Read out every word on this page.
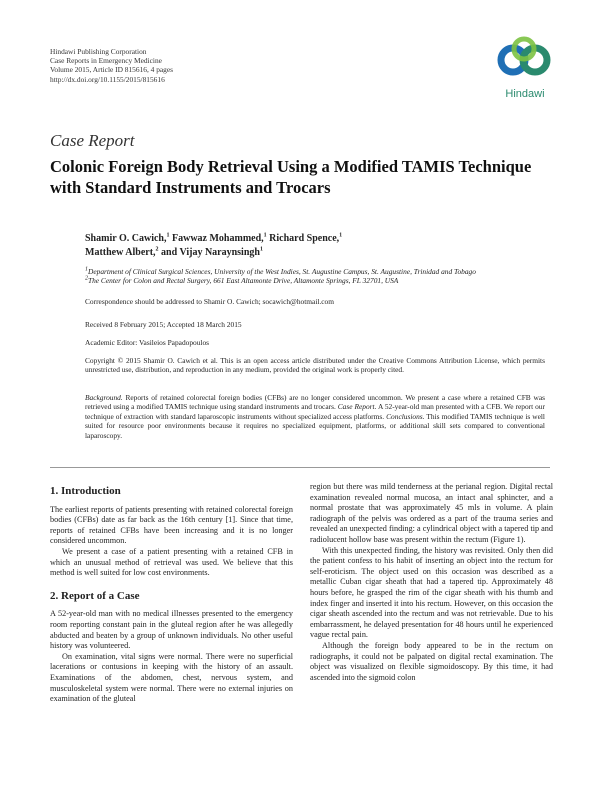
Hindawi Publishing Corporation
Case Reports in Emergency Medicine
Volume 2015, Article ID 815616, 4 pages
http://dx.doi.org/10.1155/2015/815616
Hindawi
Case Report
Colonic Foreign Body Retrieval Using a Modified TAMIS Technique with Standard Instruments and Trocars
Shamir O. Cawich,$^1$ Fawwaz Mohammed,$^1$ Richard Spence,$^1$
Matthew Albert,$^2$ and Vijay Naraynsingh$^1$
$^1$Department of Clinical Surgical Sciences, University of the West Indies, St. Augustine Campus, St. Augustine, Trinidad and Tobago
$^2$The Center for Colon and Rectal Surgery, 661 East Altamonte Drive, Altamonte Springs, FL 32701, USA
Correspondence should be addressed to Shamir O. Cawich; socawich@hotmail.com
Received 8 February 2015; Accepted 18 March 2015
Academic Editor: Vasileios Papadopoulos
Copyright © 2015 Shamir O. Cawich et al. This is an open access article distributed under the Creative Commons Attribution License, which permits unrestricted use, distribution, and reproduction in any medium, provided the original work is properly cited.
Background. Reports of retained colorectal foreign bodies (CFBs) are no longer considered uncommon. We present a case where a retained CFB was retrieved using a modified TAMIS technique using standard instruments and trocars. Case Report. A 52-year-old man presented with a CFB. We report our technique of extraction with standard laparoscopic instruments without specialized access platforms. Conclusions. This modified TAMIS technique is well suited for resource poor environments because it requires no specialized equipment, platforms, or additional skill sets compared to conventional laparoscopy.
1. Introduction

The earliest reports of patients presenting with retained colorectal foreign bodies (CFBs) date as far back as the 16th century [1]. Since that time, reports of retained CFBs have been increasing and it is no longer considered uncommon.

We present a case of a patient presenting with a retained CFB in which an unusual method of retrieval was used. We believe that this method is well suited for low cost environments.

2. Report of a Case

A 52-year-old man with no medical illnesses presented to the emergency room reporting constant pain in the gluteal region after he was allegedly abducted and beaten by a group of unknown individuals. No other useful history was volunteered.

On examination, vital signs were normal. There were no superficial lacerations or contusions in keeping with the history of an assault. Examinations of the abdomen, chest, nervous system, and musculoskeletal system were normal. There were no external injuries on examination of the gluteal

region but there was mild tenderness at the perianal region. Digital rectal examination revealed normal mucosa, an intact anal sphincter, and a normal prostate that was approximately 45 mls in volume. A plain radiograph of the pelvis was ordered as a part of the trauma series and revealed an unexpected finding: a cylindrical object with a tapered tip and radiolucent hollow base was present within the rectum (Figure 1).

With this unexpected finding, the history was revisited. Only then did the patient confess to his habit of inserting an object into the rectum for self-eroticism. The object used on this occasion was described as a metallic Cuban cigar sheath that had a tapered tip. Approximately 48 hours before, he grasped the rim of the cigar sheath with his thumb and index finger and inserted it into his rectum. However, on this occasion the cigar sheath ascended into the rectum and was not retrievable. Due to his embarrassment, he delayed presentation for 48 hours until he experienced vague rectal pain.

Although the foreign body appeared to be in the rectum on radiographs, it could not be palpated on digital rectal examination. The object was visualized on flexible sigmoidoscopy. By this time, it had ascended into the sigmoid colon
